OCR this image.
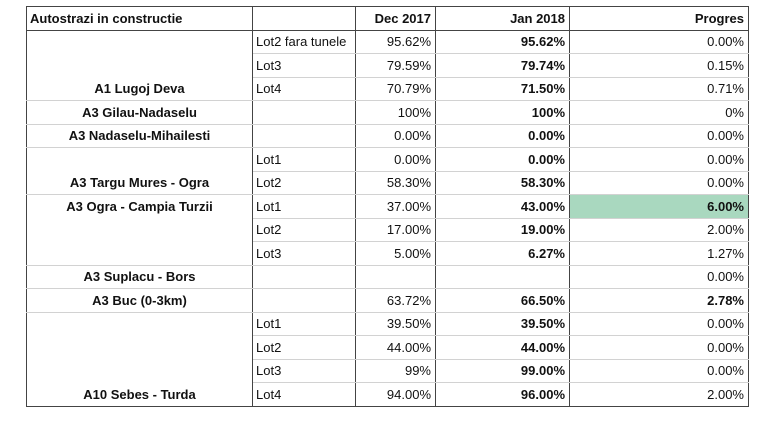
Autostrazi in constructie		Dec 2017	Jan 2018	Progres
	Lot2 fara tunele	95.62%	95.62%	0.00%
	Lot3	79.59%	79.74%	0.15%
A1 Lugoj Deva	Lot4	70.79%	71.50%	0.71%
A3 Gilau-Nadaselu		100%	100%	0%
A3 Nadaselu-Mihailesti		0.00%	0.00%	0.00%
	Lot1	0.00%	0.00%	0.00%
A3 Targu Mures - Ogra	Lot2	58.30%	58.30%	0.00%
A3 Ogra - Campia Turzii	Lot1	37.00%	43.00%	6.00%
	Lot2	17.00%	19.00%	2.00%
	Lot3	5.00%	6.27%	1.27%
A3 Suplacu - Bors				0.00%
A3 Buc (0-3km)		63.72%	66.50%	2.78%
	Lot1	39.50%	39.50%	0.00%
	Lot2	44.00%	44.00%	0.00%
	Lot3	99%	99.00%	0.00%
A10 Sebes - Turda	Lot4	94.00%	96.00%	2.00%
